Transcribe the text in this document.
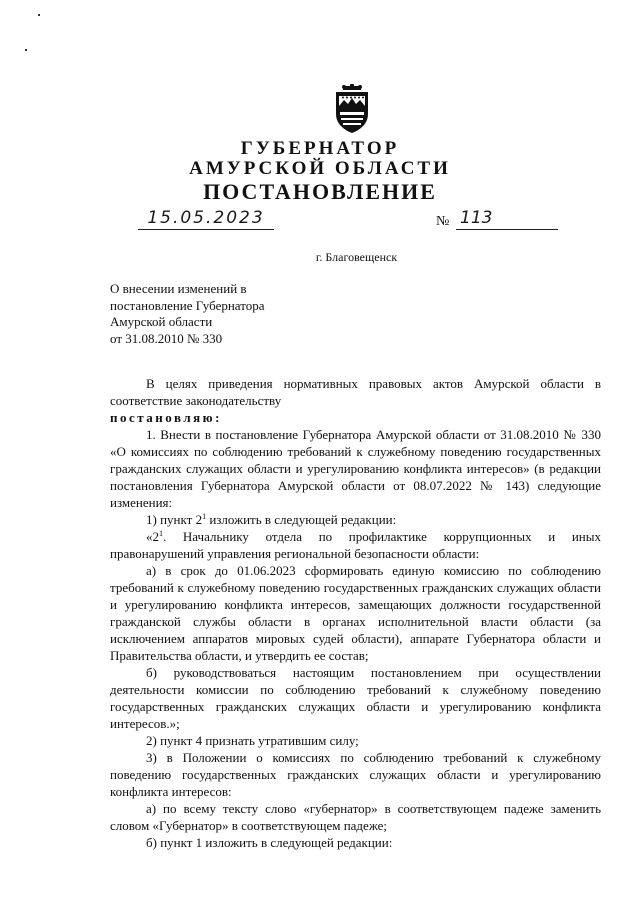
ГУБЕРНАТОР
АМУРСКОЙ ОБЛАСТИ
ПОСТАНОВЛЕНИЕ
15.05.2023	№ 113
г. Благовещенск
О внесении изменений в
постановление Губернатора
Амурской области
от 31.08.2010 № 330

В целях приведения нормативных правовых актов Амурской области в соответствие законодательству

постановляю:

1. Внести в постановление Губернатора Амурской области от 31.08.2010 № 330 «О комиссиях по соблюдению требований к служебному поведению государственных гражданских служащих области и урегулированию конфликта интересов» (в редакции постановления Губернатора Амурской области от 08.07.2022 № 143) следующие изменения:

1) пункт $2^1$ изложить в следующей редакции:

«$2^1$. Начальнику отдела по профилактике коррупционных и иных правонарушений управления региональной безопасности области:

а) в срок до 01.06.2023 сформировать единую комиссию по соблюдению требований к служебному поведению государственных гражданских служащих области и урегулированию конфликта интересов, замещающих должности государственной гражданской службы области в органах исполнительной власти области (за исключением аппаратов мировых судей области), аппарате Губернатора области и Правительства области, и утвердить ее состав;

б) руководствоваться настоящим постановлением при осуществлении деятельности комиссии по соблюдению требований к служебному поведению государственных гражданских служащих области и урегулированию конфликта интересов.»;

2) пункт 4 признать утратившим силу;

3) в Положении о комиссиях по соблюдению требований к служебному поведению государственных гражданских служащих области и урегулированию конфликта интересов:

а) по всему тексту слово «губернатор» в соответствующем падеже заменить словом «Губернатор» в соответствующем падеже;

б) пункт 1 изложить в следующей редакции:
